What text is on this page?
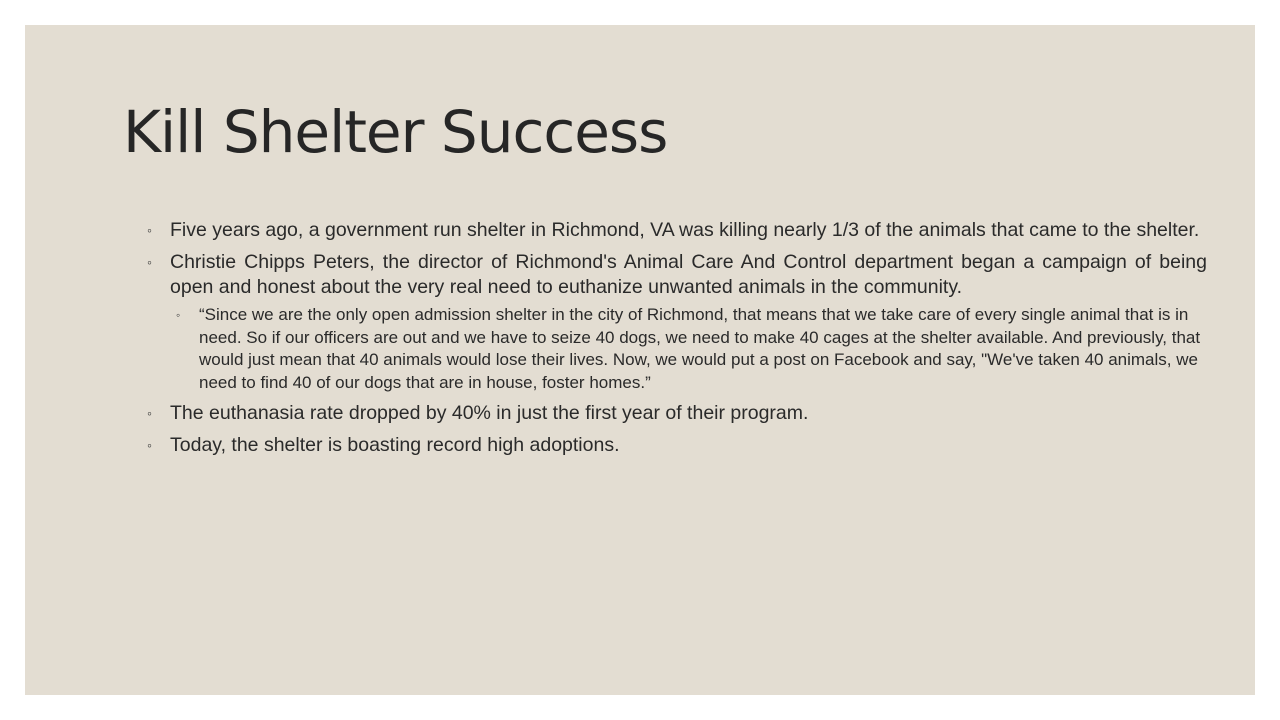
Kill Shelter Success
◦ Five years ago, a government run shelter in Richmond, VA was killing nearly 1/3 of the animals that came to the shelter.
◦ Christie Chipps Peters, the director of Richmond's Animal Care And Control department began a campaign of being open and honest about the very real need to euthanize unwanted animals in the community.
◦ “Since we are the only open admission shelter in the city of Richmond, that means that we take care of every single animal that is in need. So if our officers are out and we have to seize 40 dogs, we need to make 40 cages at the shelter available. And previously, that would just mean that 40 animals would lose their lives. Now, we would put a post on Facebook and say, "We've taken 40 animals, we need to find 40 of our dogs that are in house, foster homes.”
◦ The euthanasia rate dropped by 40% in just the first year of their program.
◦ Today, the shelter is boasting record high adoptions.
